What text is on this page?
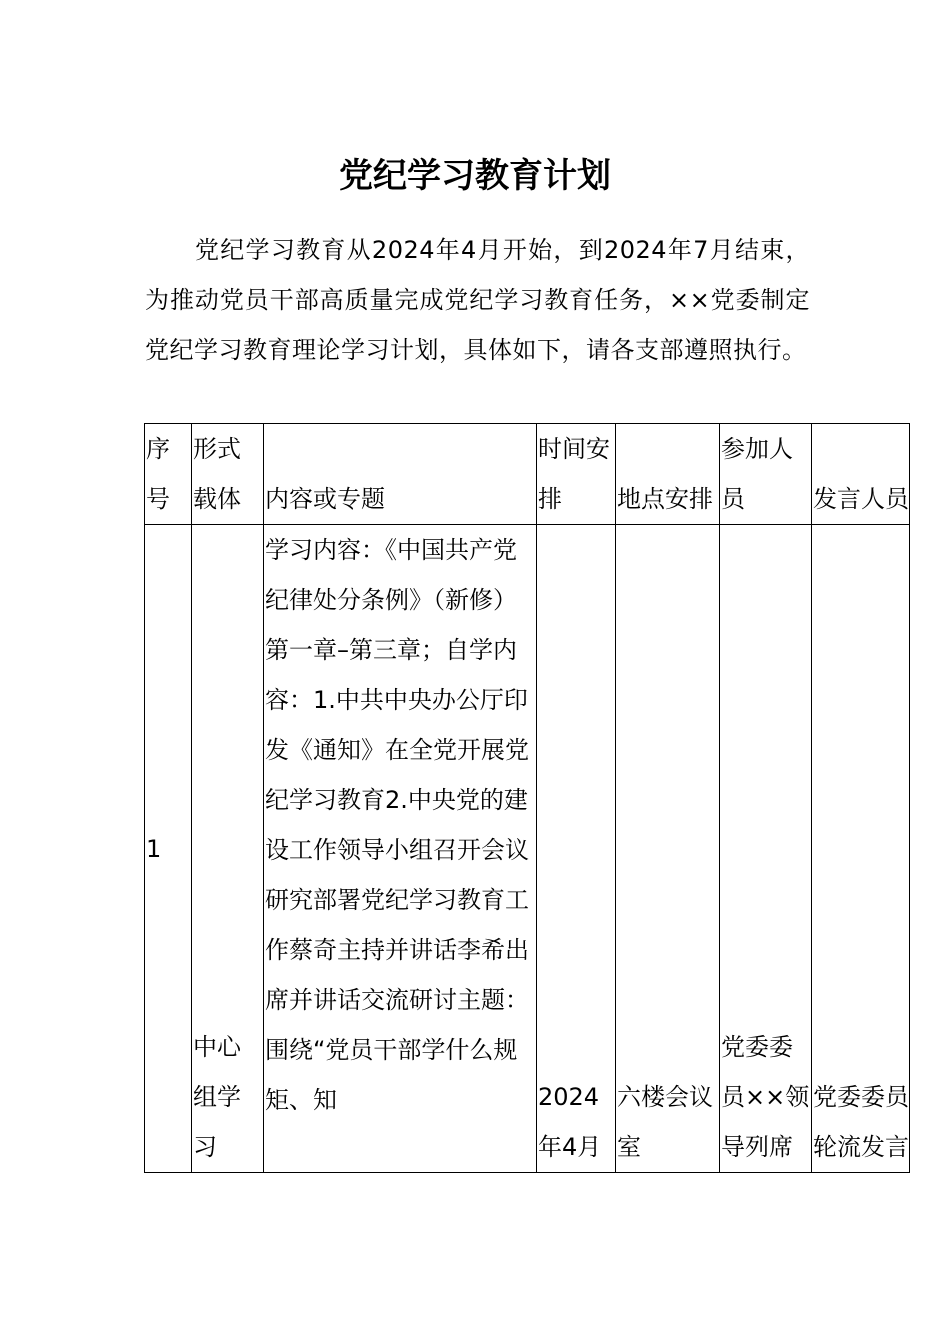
党纪学习教育计划

党纪学习教育从2024年4月开始，到2024年7月结束，为推动党员干部高质量完成党纪学习教育任务，××党委制定党纪学习教育理论学习计划，具体如下，请各支部遵照执行。

序号	形式载体	内容或专题	时间安排	地点安排	参加人员	发言人员
1	中心组学习	学习内容：《中国共产党纪律处分条例》（新修）第一章–第三章；自学内容：1.中共中央办公厅印发《通知》在全党开展党纪学习教育2.中央党的建设工作领导小组召开会议研究部署党纪学习教育工作蔡奇主持并讲话李希出席并讲话交流研讨主题：围绕“党员干部学什么规矩、知	2024年4月	六楼会议室	党委委员××领导列席	党委委员轮流发言
